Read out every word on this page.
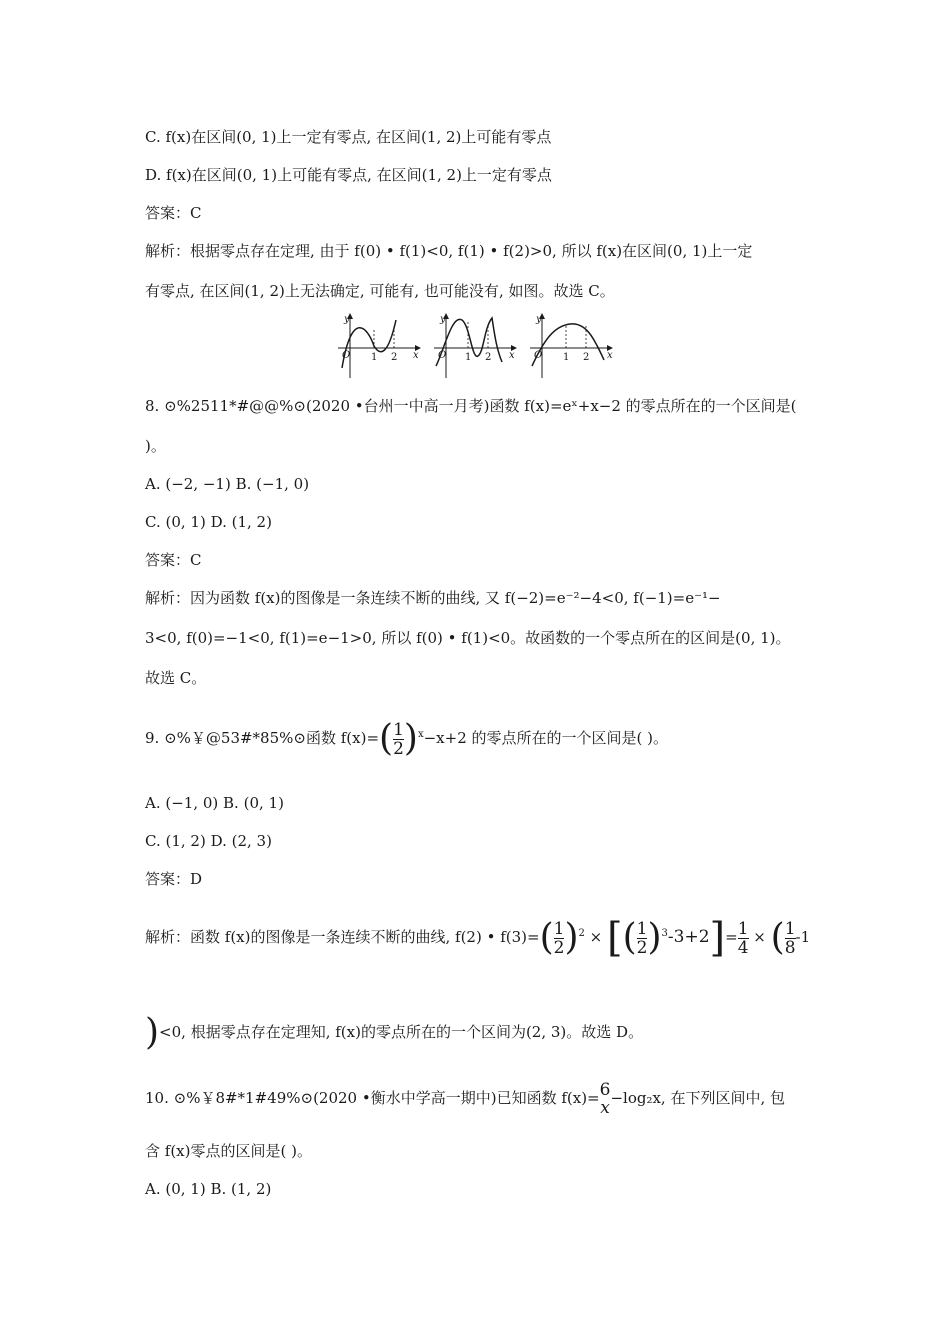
C. f(x)在区间(0, 1)上一定有零点, 在区间(1, 2)上可能有零点
D. f(x)在区间(0, 1)上可能有零点, 在区间(1, 2)上一定有零点
答案：C
解析：根据零点存在定理, 由于 f(0) • f(1)<0, f(1) • f(2)>0, 所以 f(x)在区间(0, 1)上一定
有零点, 在区间(1, 2)上无法确定, 可能有, 也可能没有, 如图。故选 C。
y
O 1 2 x
y
O 1 2 x
y
O 1 2 x
8. ⊙%2511*#@@%⊙(2020 •台州一中高一月考)函数 f(x)=eˣ+x−2 的零点所在的一个区间是(
)。
A. (−2, −1) B. (−1, 0)
C. (0, 1) D. (1, 2)
答案：C
解析：因为函数 f(x)的图像是一条连续不断的曲线, 又 f(−2)=e⁻²−4<0, f(−1)=e⁻¹−
3<0, f(0)=−1<0, f(1)=e−1>0, 所以 f(0) • f(1)<0。故函数的一个零点所在的区间是(0, 1)。
故选 C。
9. ⊙%￥@53#*85%⊙函数 $f(x)=( \frac{1}{2} )^x-x+2$ 的零点所在的一个区间是( )。
A. (−1, 0) B. (0, 1)
C. (1, 2) D. (2, 3)
答案：D
解析：函数 f(x)的图像是一条连续不断的曲线, f(2) • $f(3)=( \frac{1}{2} )^2$ × [( $\frac{1}{2} )^3-3+2]= \frac{1}{4}$ × ( $\frac{1}{8} -1$
)<0, 根据零点存在定理知, f(x)的零点所在的一个区间为(2, 3)。故选 D。
10. ⊙%￥8#*1#49%⊙(2020 •衡水中学高一期中)已知函数 f(x)= 6
x −log₂x, 在下列区间中, 包
含 f(x)零点的区间是( )。
A. (0, 1) B. (1, 2)
